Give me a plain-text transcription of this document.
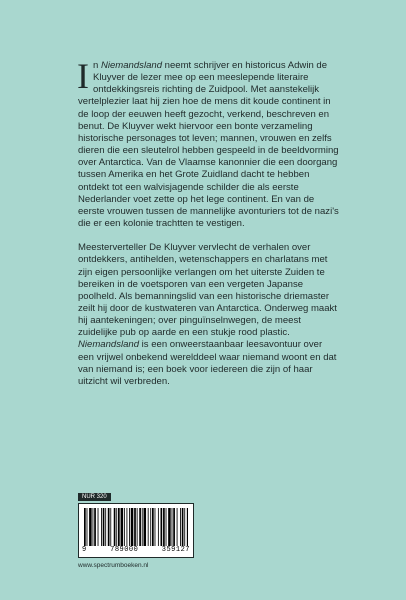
In Niemandsland neemt schrijver en historicus Adwin de Kluyver de lezer mee op een meeslepende literaire ontdekkingsreis richting de Zuidpool. Met aanstekelijk vertelplezier laat hij zien hoe de mens dit koude continent in de loop der eeuwen heeft gezocht, verkend, beschreven en benut. De Kluyver wekt hiervoor een bonte verzameling historische personages tot leven; mannen, vrouwen en zelfs dieren die een sleutelrol hebben gespeeld in de beeldvorming over Antarctica. Van de Vlaamse kanonnier die een doorgang tussen Amerika en het Grote Zuidland dacht te hebben ontdekt tot een walvisjagende schilder die als eerste Nederlander voet zette op het lege continent. En van de eerste vrouwen tussen de mannelijke avonturiers tot de nazi's die er een kolonie trachtten te vestigen.

Meesterverteller De Kluyver vervlecht de verhalen over ontdekkers, antihelden, wetenschappers en charlatans met zijn eigen persoonlijke verlangen om het uiterste Zuiden te bereiken in de voetsporen van een vergeten Japanse poolheld. Als bemanningslid van een historische driemaster zeilt hij door de kustwateren van Antarctica. Onderweg maakt hij aantekeningen; over pinguïnselnwegen, de meest zuidelijke pub op aarde en een stukje rood plastic. Niemandsland is een onweerstaanbaar leesavontuur over een vrijwel onbekend werelddeel waar niemand woont en dat van niemand is; een boek voor iedereen die zijn of haar uitzicht wil verbreden.

NUR 320
9	789000	359127
www.spectrumboeken.nl
